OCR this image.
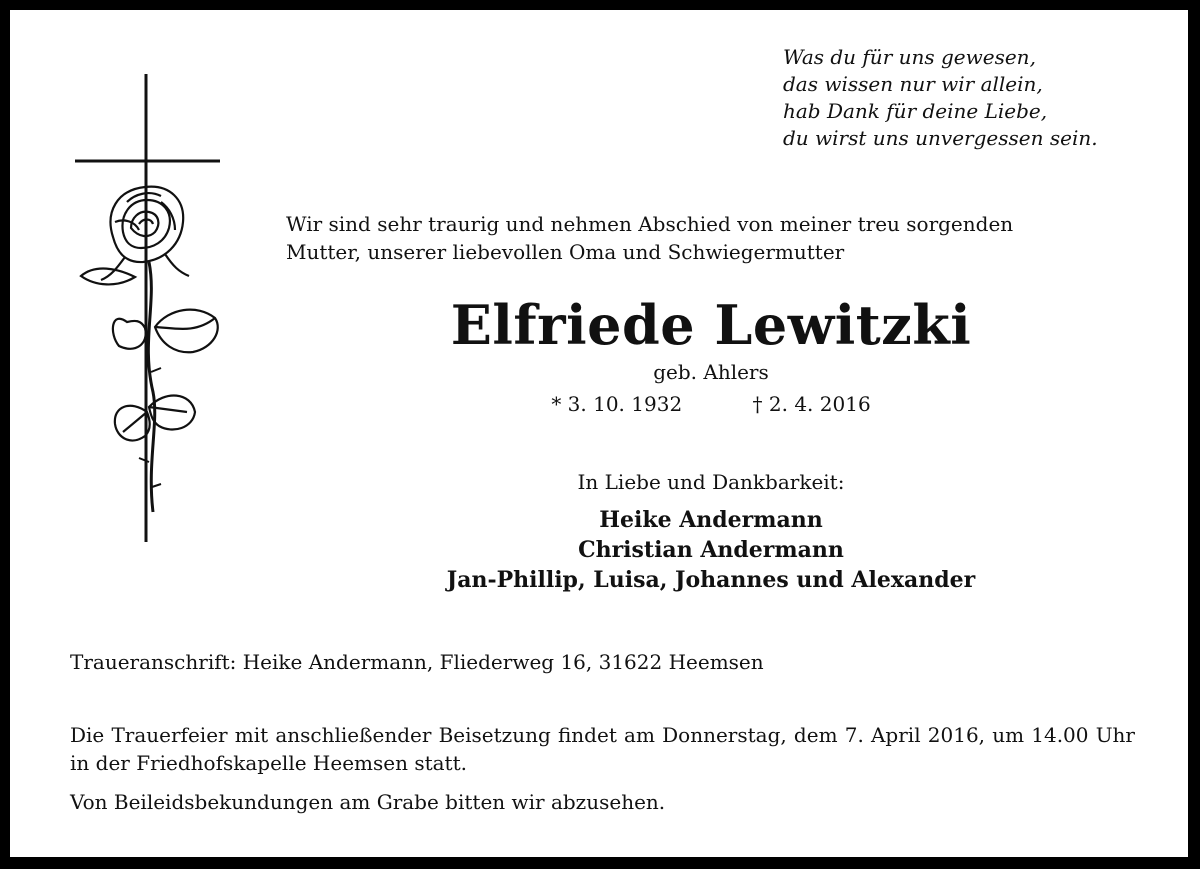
Was du für uns gewesen,
das wissen nur wir allein,
hab Dank für deine Liebe,
du wirst uns unvergessen sein.
Wir sind sehr traurig und nehmen Abschied von meiner treu sorgenden
Mutter, unserer liebevollen Oma und Schwiegermutter
Elfriede Lewitzki
geb. Ahlers
* 3. 10. 1932	† 2. 4. 2016
In Liebe und Dankbarkeit:
Heike Andermann
Christian Andermann
Jan-Phillip, Luisa, Johannes und Alexander
Traueranschrift: Heike Andermann, Fliederweg 16, 31622 Heemsen
Die Trauerfeier mit anschließender Beisetzung findet am Donnerstag, dem 7. April 2016, um 14.00 Uhr in der Friedhofskapelle Heemsen statt.
Von Beileidsbekundungen am Grabe bitten wir abzusehen.
